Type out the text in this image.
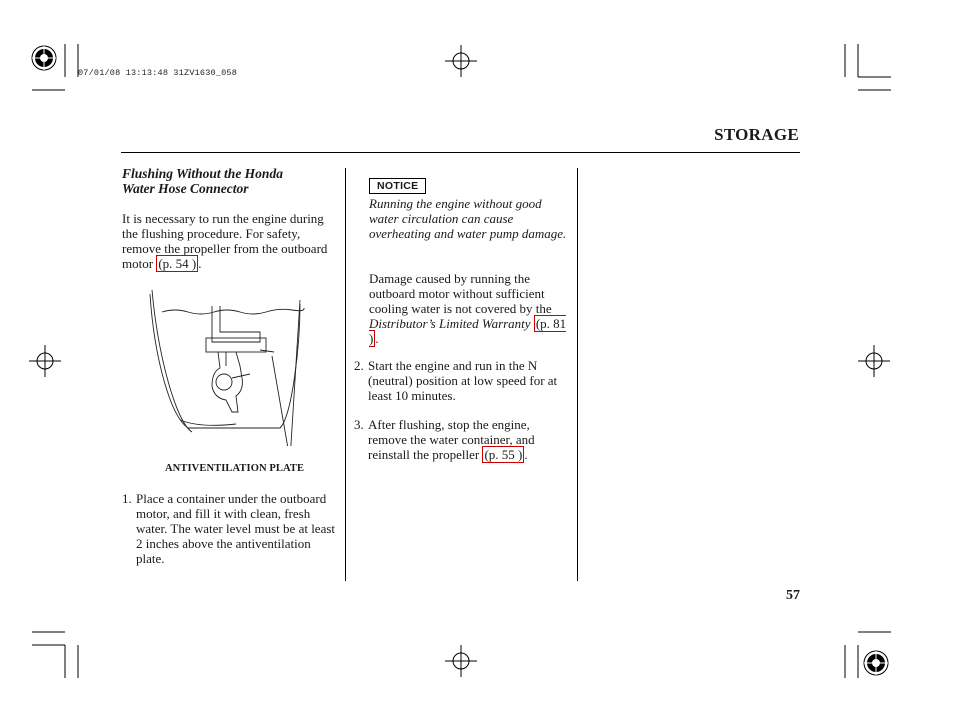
07/01/08 13:13:48 31ZV1630_058
STORAGE
Flushing Without the Honda
Water Hose Connector
It is necessary to run the engine during the flushing procedure. For safety, remove the propeller from the outboard motor (p. 54 ) .
ANTIVENTILATION PLATE
1. Place a container under the outboard motor, and fill it with clean, fresh water. The water level must be at least 2 inches above the antiventilation plate.
NOTICE
Running the engine without good water circulation can cause overheating and water pump damage.
Damage caused by running the outboard motor without sufficient cooling water is not covered by the Distributor’s Limited Warranty (p. 81 ) .
2. Start the engine and run in the N (neutral) position at low speed for at least 10 minutes.
3. After flushing, stop the engine, remove the water container, and reinstall the propeller (p. 55 ) .
57
